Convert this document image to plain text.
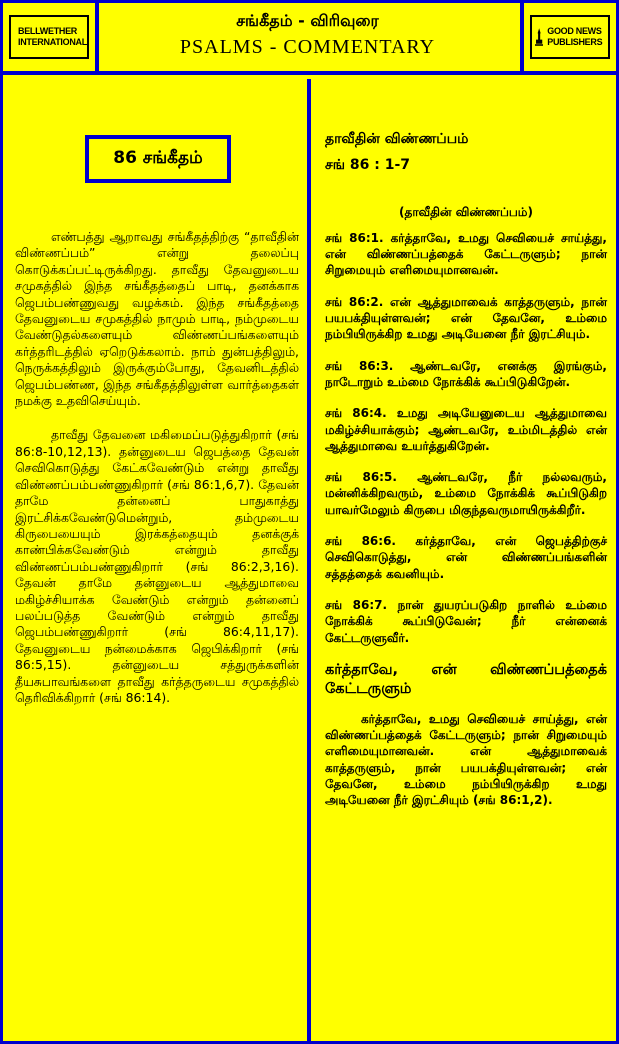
BELLWETHER INTERNATIONAL
சங்கீதம் - விரிவுரை
PSALMS - COMMENTARY
GOOD NEWS PUBLISHERS
86 சங்கீதம்

எண்பத்து ஆறாவது சங்கீதத்திற்கு “தாவீதின் விண்ணப்பம்” என்று தலைப்பு கொடுக்கப்பட்டிருக்கிறது. தாவீது தேவனுடைய சமுகத்தில் இந்த சங்கீதத்தைப் பாடி, தனக்காக ஜெபம்பண்ணுவது வழக்கம். இந்த சங்கீதத்தை தேவனுடைய சமுகத்தில் நாமும் பாடி, நம்முடைய வேண்டுதல்களையும் விண்ணப்பங்களையும் கர்த்தரிடத்தில் ஏறெடுக்கலாம். நாம் துன்பத்திலும், நெருக்கத்திலும் இருக்கும்போது, தேவனிடத்தில் ஜெபம்பண்ண, இந்த சங்கீதத்திலுள்ள வார்த்தைகள் நமக்கு உதவிசெய்யும்.

தாவீது தேவனை மகிமைப்படுத்துகிறார் (சங் 86:8-10,12,13). தன்னுடைய ஜெபத்தை தேவன் செவிகொடுத்து கேட்கவேண்டும் என்று தாவீது விண்ணப்பம்பண்ணுகிறார் (சங் 86:1,6,7). தேவன் தாமே தன்னைப் பாதுகாத்து இரட்சிக்கவேண்டுமென்றும், தம்முடைய கிருபையையும் இரக்கத்தையும் தனக்குக் காண்பிக்கவேண்டும் என்றும் தாவீது விண்ணப்பம்பண்ணுகிறார் (சங் 86:2,3,16). தேவன் தாமே தன்னுடைய ஆத்துமாவை மகிழ்ச்சியாக்க வேண்டும் என்றும் தன்னைப் பலப்படுத்த வேண்டும் என்றும் தாவீது ஜெபம்பண்ணுகிறார் (சங் 86:4,11,17). தேவனுடைய நன்மைக்காக ஜெபிக்கிறார் (சங் 86:5,15). தன்னுடைய சத்துருக்களின் தீயசுபாவங்களை தாவீது கர்த்தருடைய சமுகத்தில் தெரிவிக்கிறார் (சங் 86:14).

தாவீதின் விண்ணப்பம்
சங் 86 : 1-7
(தாவீதின் விண்ணப்பம்)

சங் 86:1. கர்த்தாவே, உமது செவியைச் சாய்த்து, என் விண்ணப்பத்தைக் கேட்டருளும்; நான் சிறுமையும் எளிமையுமானவன்.

சங் 86:2. என் ஆத்துமாவைக் காத்தருளும், நான் பயபக்தியுள்ளவன்; என் தேவனே, உம்மை நம்பியிருக்கிற உமது அடியேனை நீர் இரட்சியும்.

சங் 86:3. ஆண்டவரே, எனக்கு இரங்கும், நாடோறும் உம்மை நோக்கிக் கூப்பிடுகிறேன்.

சங் 86:4. உமது அடியேனுடைய ஆத்துமாவை மகிழ்ச்சியாக்கும்; ஆண்டவரே, உம்மிடத்தில் என் ஆத்துமாவை உயர்த்துகிறேன்.

சங் 86:5. ஆண்டவரே, நீர் நல்லவரும், மன்னிக்கிறவரும், உம்மை நோக்கிக் கூப்பிடுகிற யாவர்மேலும் கிருபை மிகுந்தவருமாயிருக்கிறீர்.

சங் 86:6. கர்த்தாவே, என் ஜெபத்திற்குச் செவிகொடுத்து, என் விண்ணப்பங்களின் சத்தத்தைக் கவனியும்.

சங் 86:7. நான் துயரப்படுகிற நாளில் உம்மை நோக்கிக் கூப்பிடுவேன்; நீர் என்னைக் கேட்டருளுவீர்.

கர்த்தாவே, என் விண்ணப்பத்தைக் கேட்டருளும்

கர்த்தாவே, உமது செவியைச் சாய்த்து, என் விண்ணப்பத்தைக் கேட்டருளும்; நான் சிறுமையும் எளிமையுமானவன். என் ஆத்துமாவைக் காத்தருளும், நான் பயபக்தியுள்ளவன்; என் தேவனே, உம்மை நம்பியிருக்கிற உமது அடியேனை நீர் இரட்சியும் (சங் 86:1,2).
